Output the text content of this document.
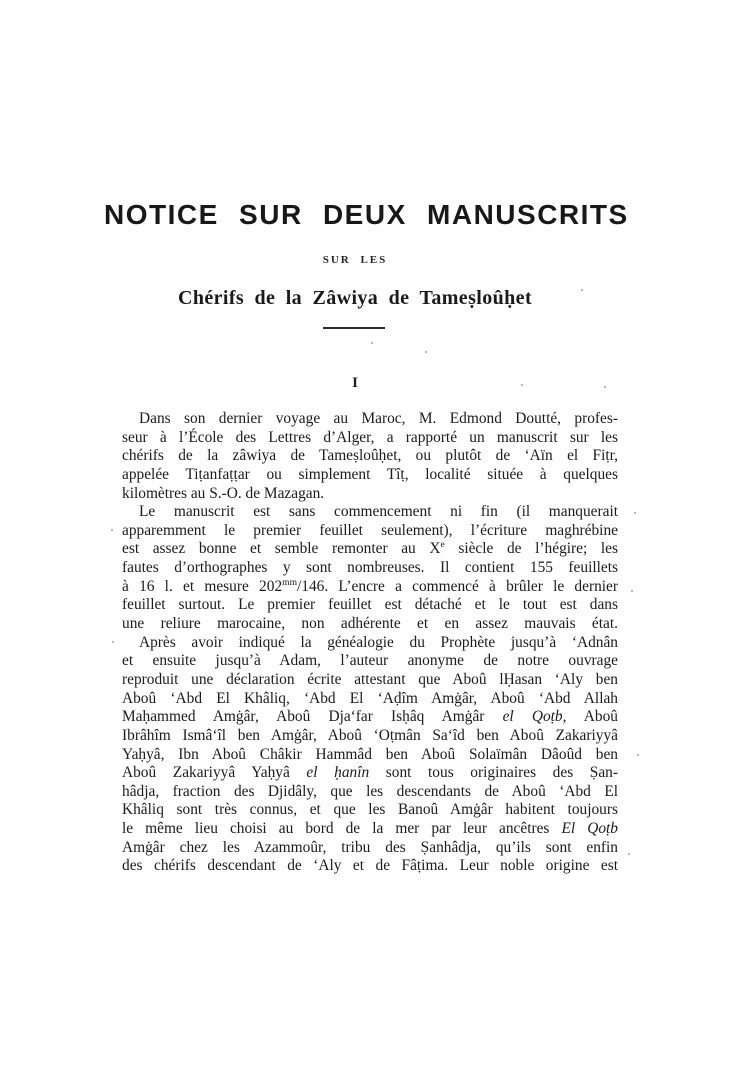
NOTICE SUR DEUX MANUSCRITS
SUR LES
Chérifs de la Zâwiya de Tameṣloûḥet
I
Dans son dernier voyage au Maroc, M. Edmond Doutté, profes-
seur à l’École des Lettres d’Alger, a rapporté un manuscrit sur les
chérifs de la zâwiya de Tameṣloûḥet, ou plutôt de ‘Aïn el Fiṭr,
appelée Tiṭanfaṭṭar ou simplement Tîṭ, localité située à quelques
kilomètres au S.-O. de Mazagan.
Le manuscrit est sans commencement ni fin (il manquerait
apparemment le premier feuillet seulement), l’écriture maghrébine
est assez bonne et semble remonter au Xe siècle de l’hégire; les
fautes d’orthographes y sont nombreuses. Il contient 155 feuillets
à 16 l. et mesure $202^{mm}/146$. L’encre a commencé à brûler le dernier
feuillet surtout. Le premier feuillet est détaché et le tout est dans
une reliure marocaine, non adhérente et en assez mauvais état.
Après avoir indiqué la généalogie du Prophète jusqu’à ‘Adnân
et ensuite jusqu’à Adam, l’auteur anonyme de notre ouvrage
reproduit une déclaration écrite attestant que Aboû lḤasan ‘Aly ben
Aboû ‘Abd El Khâliq, ‘Abd El ‘Aḍîm Amġâr, Aboû ‘Abd Allah
Maḥammed Amġâr, Aboû Dja‘far Isḥâq Amġâr el Qoṭb, Aboû
Ibrâhîm Ismâ‘îl ben Amġâr, Aboû ‘Oṭmân Sa‘îd ben Aboû Zakariyyâ
Yaḥyâ, Ibn Aboû Châkir Hammâd ben Aboû Solaïmân Dâoûd ben
Aboû Zakariyyâ Yaḥyâ el ḥanîn sont tous originaires des Ṣan-
hâdja, fraction des Djidâly, que les descendants de Aboû ‘Abd El
Khâliq sont très connus, et que les Banoû Amġâr habitent toujours
le même lieu choisi au bord de la mer par leur ancêtres El Qoṭb
Amġâr chez les Azammoûr, tribu des Ṣanhâdja, qu’ils sont enfin
des chérifs descendant de ‘Aly et de Fâṭima. Leur noble origine est
